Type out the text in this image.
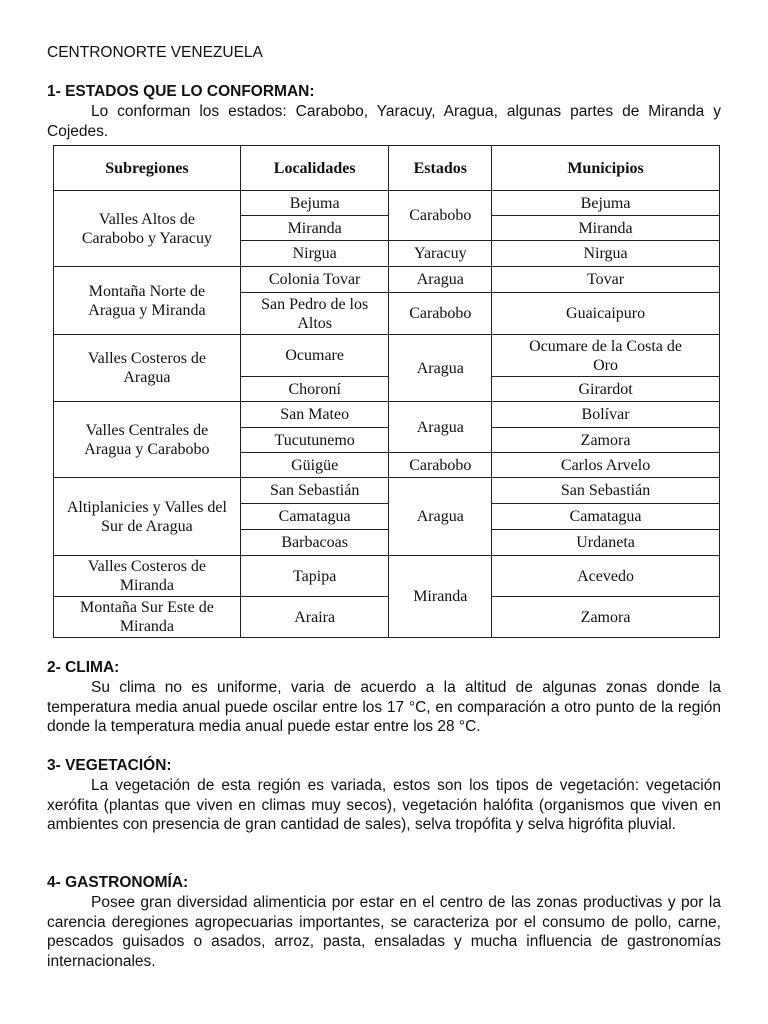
CENTRONORTE VENEZUELA
1- ESTADOS QUE LO CONFORMAN:
Lo conforman los estados: Carabobo, Yaracuy, Aragua, algunas partes de Miranda y Cojedes.
Subregiones	Localidades	Estados	Municipios
Valles Altos de Carabobo y Yaracuy	Bejuma	Carabobo	Bejuma
	Miranda		Miranda
	Nirgua	Yaracuy	Nirgua
Montaña Norte de Aragua y Miranda	Colonia Tovar	Aragua	Tovar
	San Pedro de los Altos	Carabobo	Guaicaipuro
Valles Costeros de Aragua	Ocumare	Aragua	Ocumare de la Costa de Oro
	Choroní		Girardot
Valles Centrales de Aragua y Carabobo	San Mateo	Aragua	Bolívar
	Tucutunemo		Zamora
	Güigüe	Carabobo	Carlos Arvelo
Altiplanicies y Valles del Sur de Aragua	San Sebastián	Aragua	San Sebastián
	Camatagua		Camatagua
	Barbacoas		Urdaneta
Valles Costeros de Miranda	Tapipa	Miranda	Acevedo
Montaña Sur Este de Miranda	Araira		Zamora
2- CLIMA:
Su clima no es uniforme, varia de acuerdo a la altitud de algunas zonas donde la temperatura media anual puede oscilar entre los 17 °C, en comparación a otro punto de la región donde la temperatura media anual puede estar entre los 28 °C.
3- VEGETACIÓN:
La vegetación de esta región es variada, estos son los tipos de vegetación: vegetación xerófita (plantas que viven en climas muy secos), vegetación halófita (organismos que viven en ambientes con presencia de gran cantidad de sales), selva tropófita y selva higrófita pluvial.
4- GASTRONOMÍA:
Posee gran diversidad alimenticia por estar en el centro de las zonas productivas y por la carencia deregiones agropecuarias importantes, se caracteriza por el consumo de pollo, carne, pescados guisados o asados, arroz, pasta, ensaladas y mucha influencia de gastronomías internacionales.
